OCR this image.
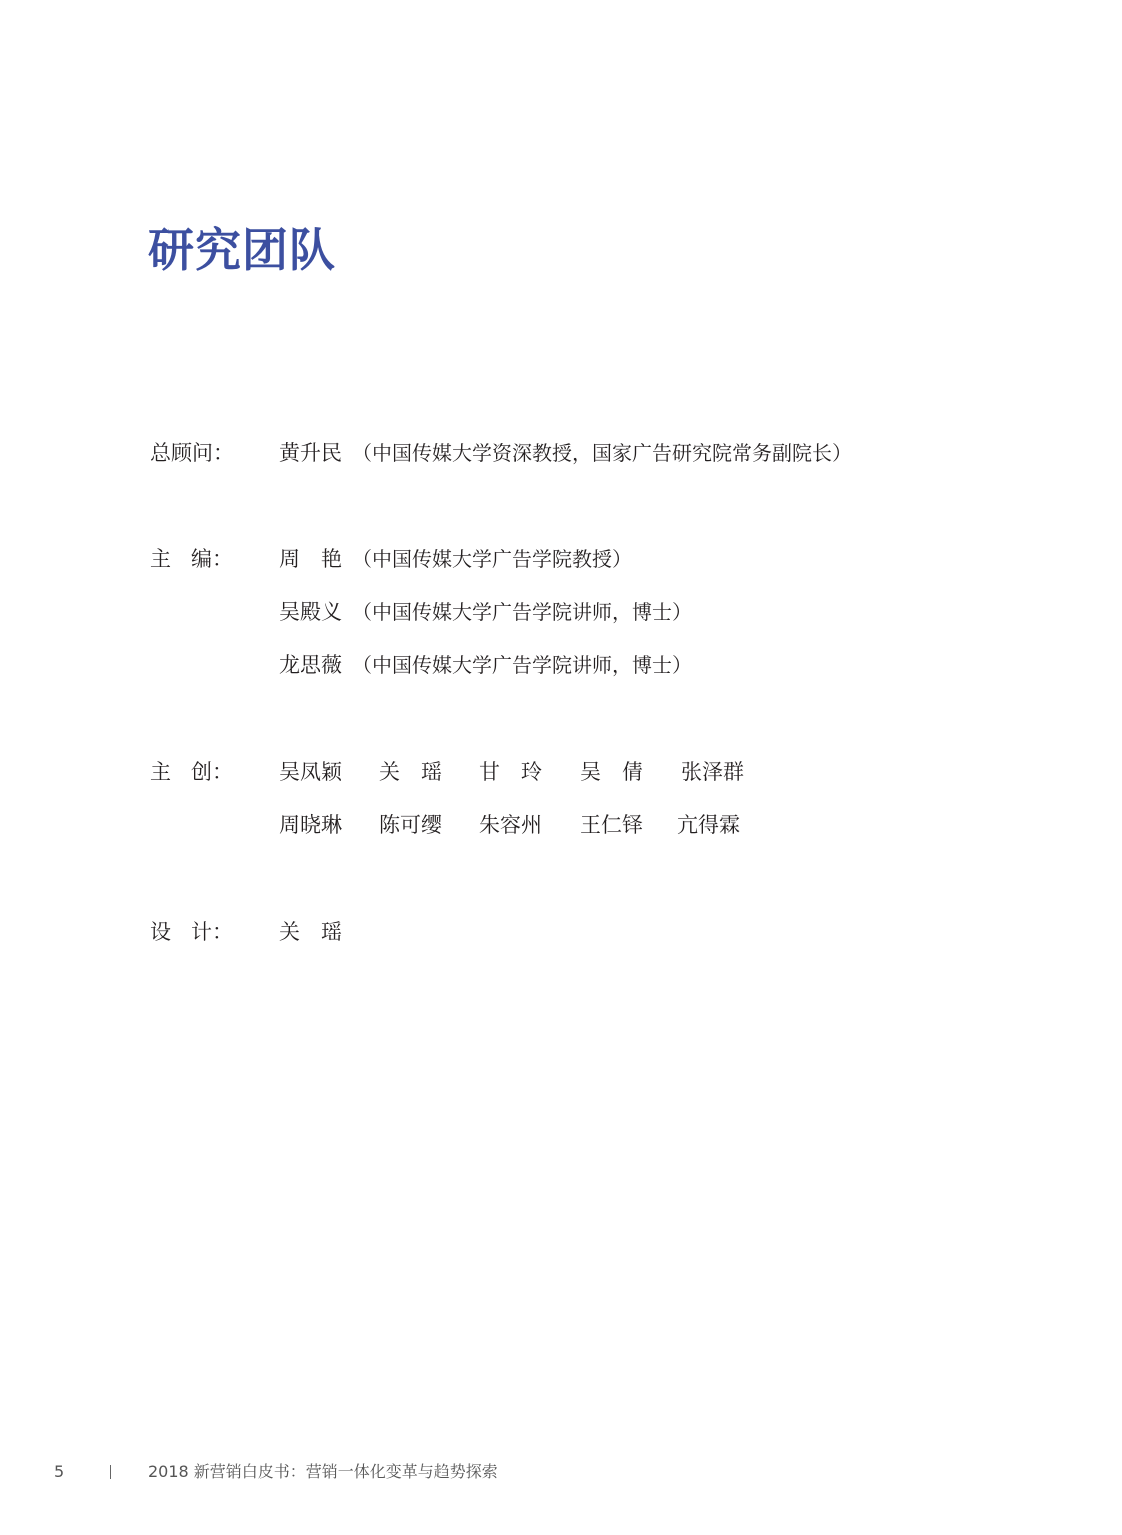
研究团队
总顾问：	黄升民 （中国传媒大学资深教授，国家广告研究院常务副院长）
主 编：	周　艳 （中国传媒大学广告学院教授）
吴殿义 （中国传媒大学广告学院讲师，博士）
龙思薇 （中国传媒大学广告学院讲师，博士）
主 创：	吴凤颖 关　瑶 甘　玲 吴　倩 张泽群
周晓琳 陈可缨 朱容州 王仁铎 亢得霖
设 计：	关　瑶
5	2018 新营销白皮书：营销一体化变革与趋势探索
